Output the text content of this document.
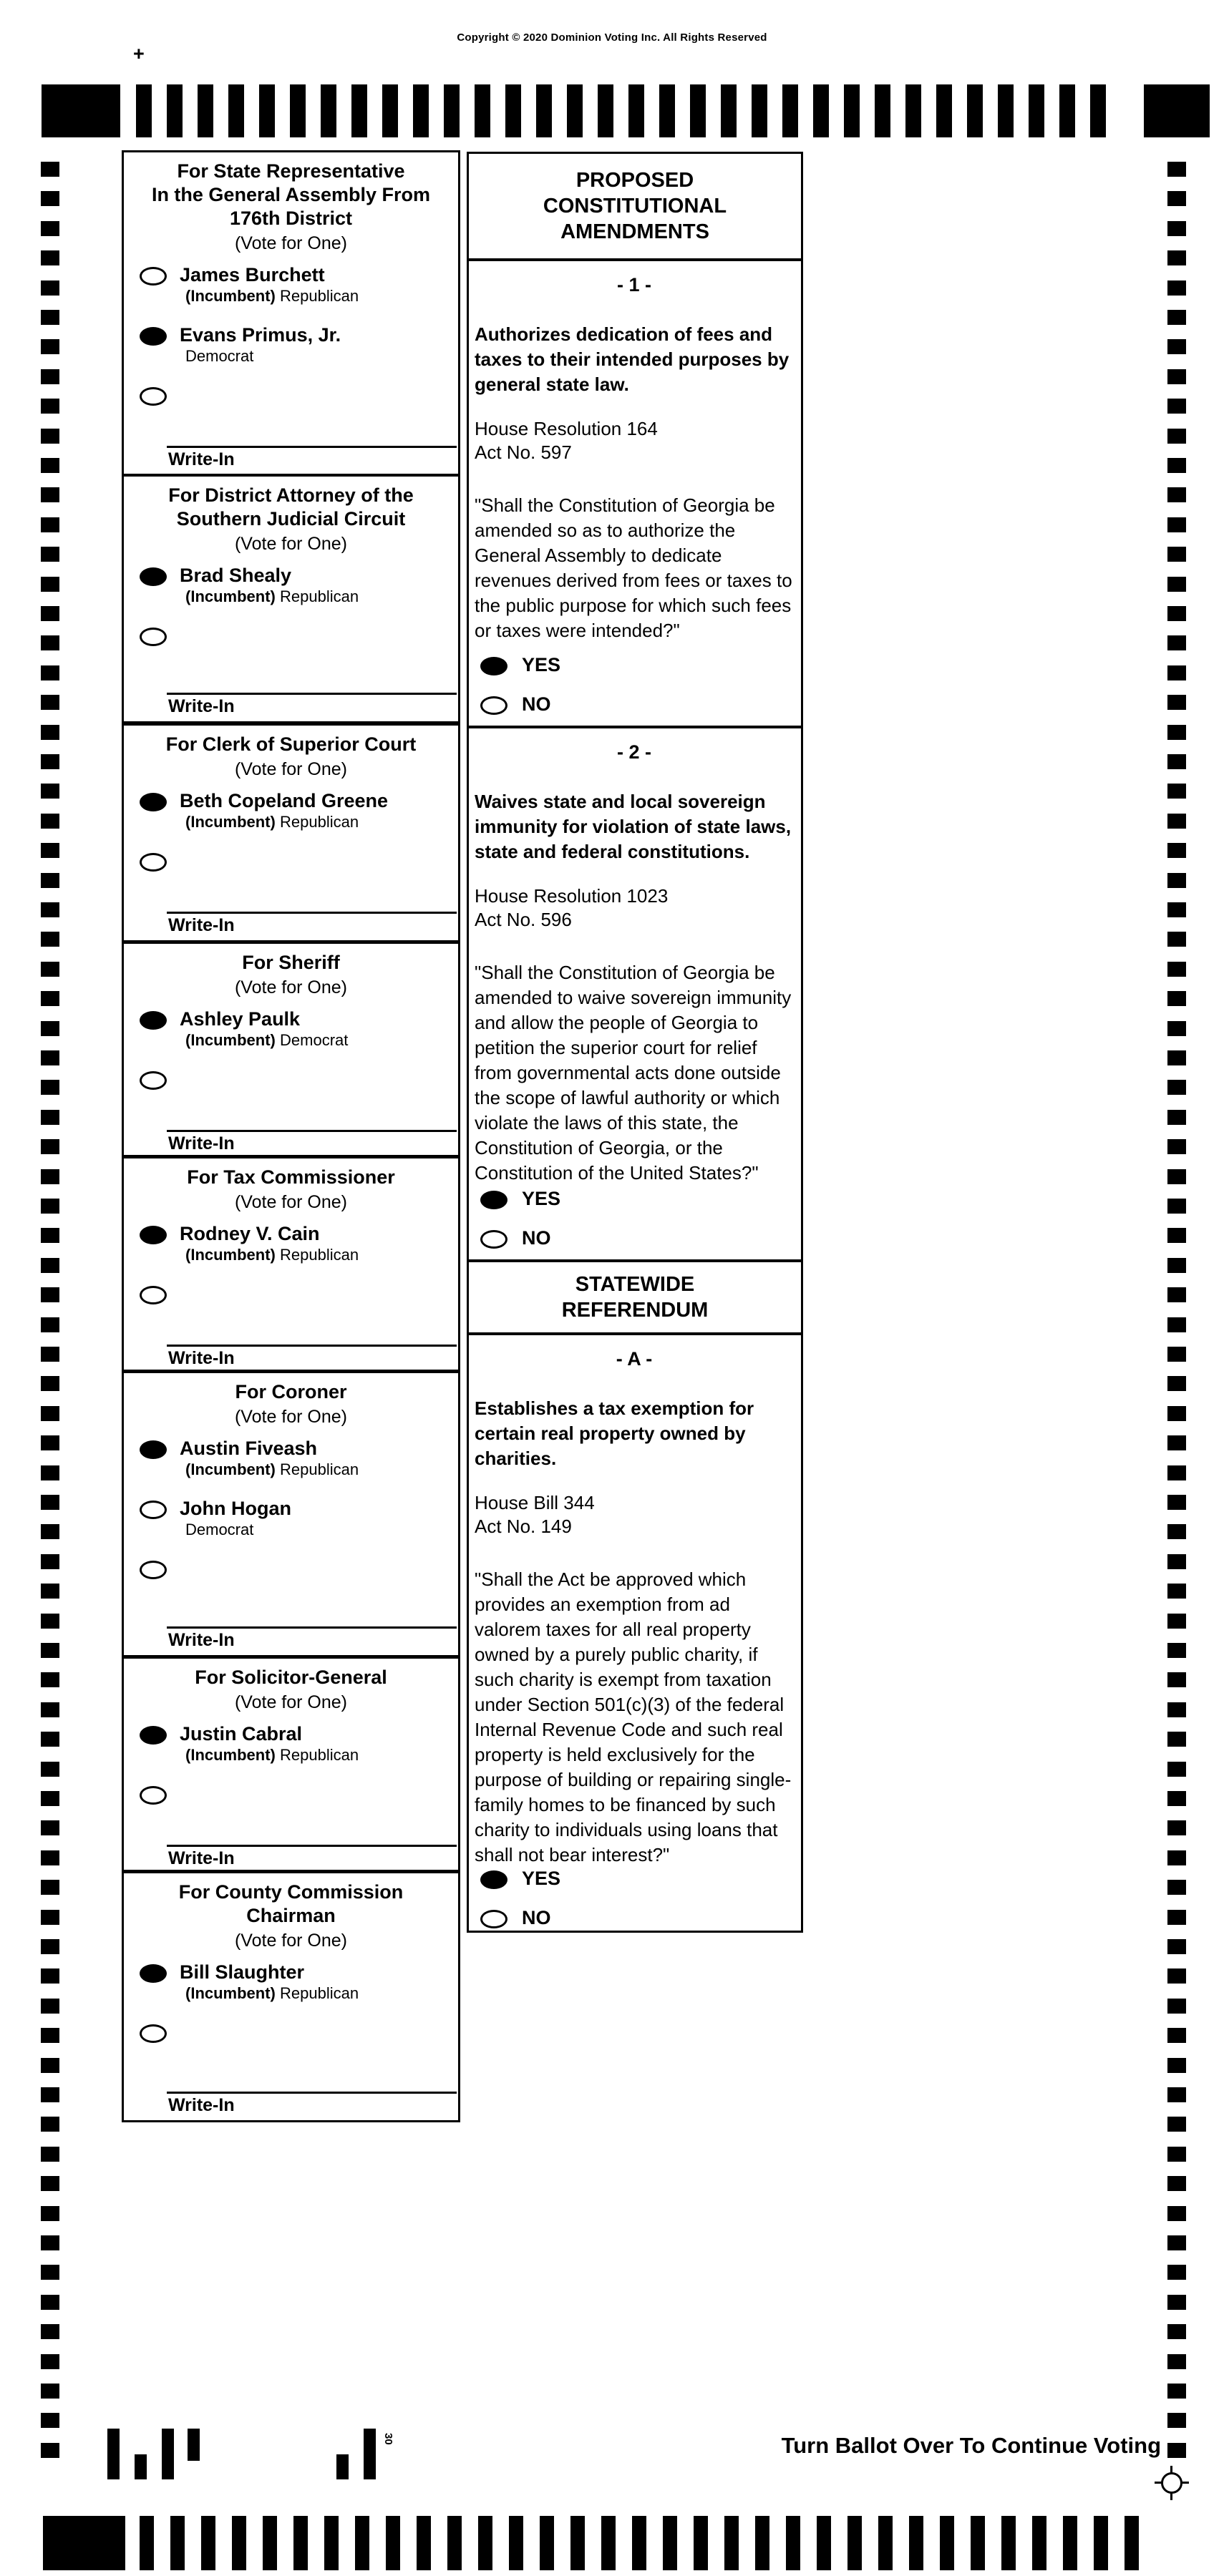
Copyright © 2020 Dominion Voting Inc. All Rights Reserved
+
For State Representative
In the General Assembly From
176th District
(Vote for One)
James Burchett
(Incumbent) Republican
Evans Primus, Jr.
Democrat
Write-In
For District Attorney of the
Southern Judicial Circuit
(Vote for One)
Brad Shealy
(Incumbent) Republican
Write-In
For Clerk of Superior Court
(Vote for One)
Beth Copeland Greene
(Incumbent) Republican
Write-In
For Sheriff
(Vote for One)
Ashley Paulk
(Incumbent) Democrat
Write-In
For Tax Commissioner
(Vote for One)
Rodney V. Cain
(Incumbent) Republican
Write-In
For Coroner
(Vote for One)
Austin Fiveash
(Incumbent) Republican
John Hogan
Democrat
Write-In
For Solicitor-General
(Vote for One)
Justin Cabral
(Incumbent) Republican
Write-In
For County Commission
Chairman
(Vote for One)
Bill Slaughter
(Incumbent) Republican
Write-In
PROPOSED
CONSTITUTIONAL
AMENDMENTS
- 1 -
Authorizes dedication of fees and taxes to their intended purposes by general state law.
House Resolution 164
Act No. 597
"Shall the Constitution of Georgia be amended so as to authorize the General Assembly to dedicate revenues derived from fees or taxes to the public purpose for which such fees or taxes were intended?"
YES
NO
- 2 -
Waives state and local sovereign immunity for violation of state laws, state and federal constitutions.
House Resolution 1023
Act No. 596
"Shall the Constitution of Georgia be amended to waive sovereign immunity and allow the people of Georgia to petition the superior court for relief from governmental acts done outside the scope of lawful authority or which violate the laws of this state, the Constitution of Georgia, or the Constitution of the United States?"
YES
NO
STATEWIDE
REFERENDUM
- A -
Establishes a tax exemption for certain real property owned by charities.
House Bill 344
Act No. 149
"Shall the Act be approved which provides an exemption from ad valorem taxes for all real property owned by a purely public charity, if such charity is exempt from taxation under Section 501(c)(3) of the federal Internal Revenue Code and such real property is held exclusively for the purpose of building or repairing single-family homes to be financed by such charity to individuals using loans that shall not bear interest?"
YES
NO
30	Turn Ballot Over To Continue Voting
